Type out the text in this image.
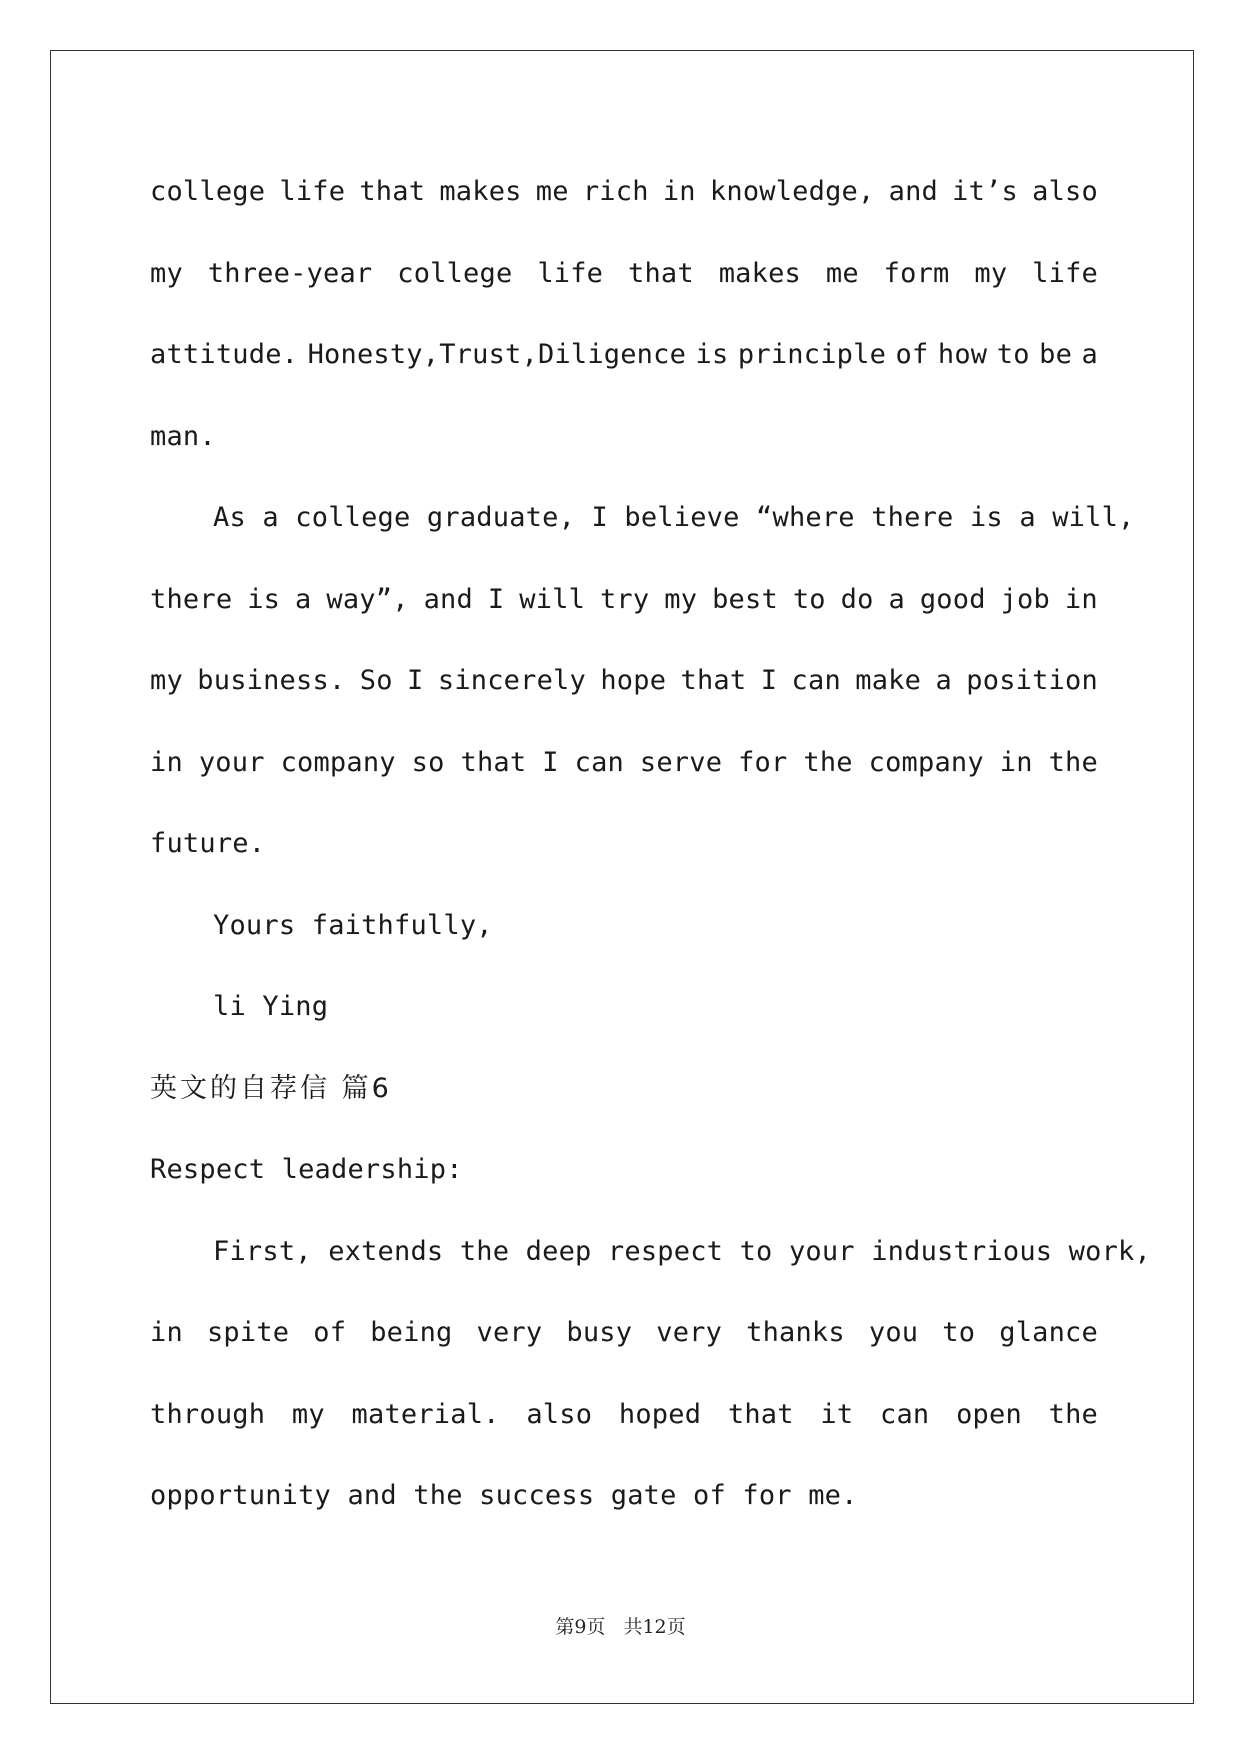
college life that makes me rich in knowledge, and it’s also
my three-year college life that makes me form my life
attitude. Honesty,Trust,Diligence is principle of how to be a
man.
As a college graduate, I believe “where there is a will,
there is a way”, and I will try my best to do a good job in
my business. So I sincerely hope that I can make a position
in your company so that I can serve for the company in the
future.
Yours faithfully,
li Ying
英文的自荐信 篇6
Respect leadership:
First, extends the deep respect to your industrious work,
in spite of being very busy very thanks you to glance
through my material. also hoped that it can open the
opportunity and the success gate of for me.
第9页 共12页
